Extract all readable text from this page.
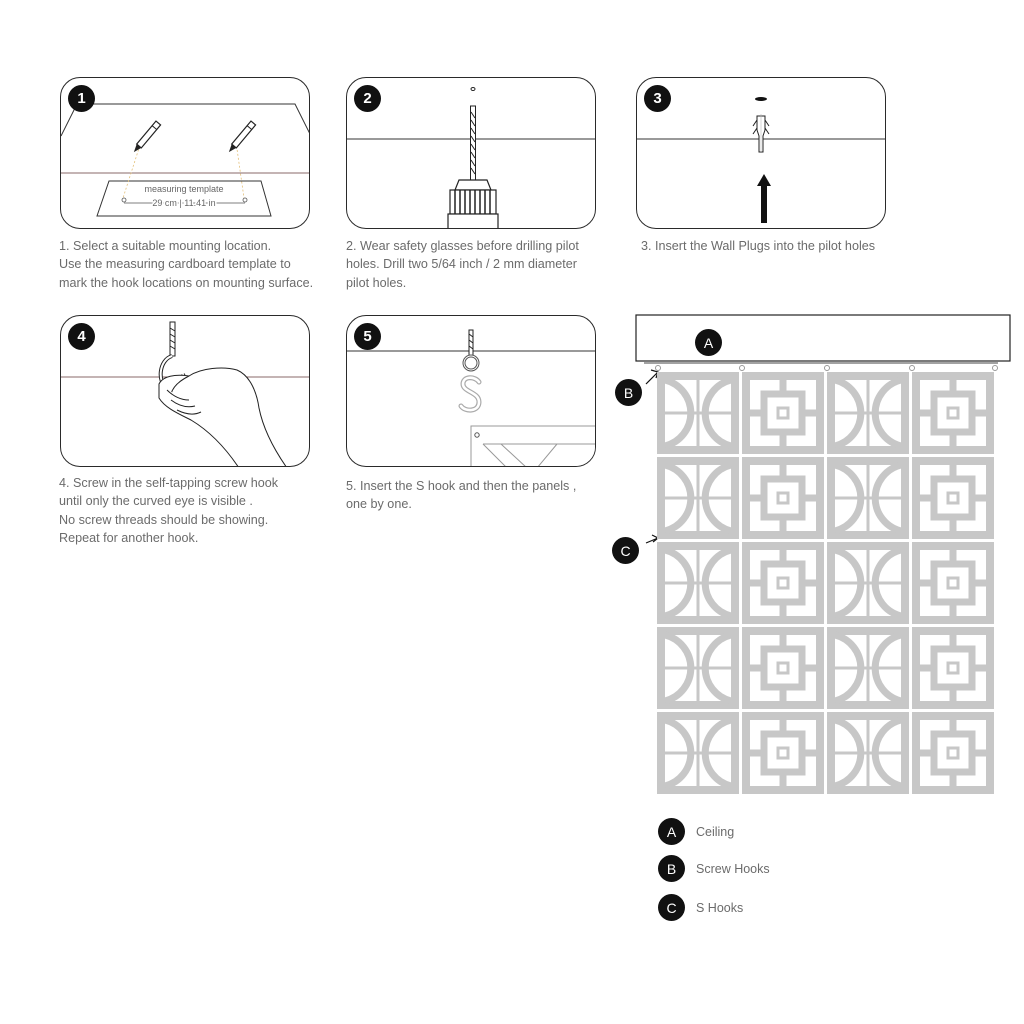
measuring template
29 cm | 11.41 in
1
1. Select a suitable mounting location.
Use the measuring cardboard template to
mark the hook locations on mounting surface.
2
2. Wear safety glasses before drilling pilot
holes. Drill two 5/64 inch / 2 mm diameter
pilot holes.
3
3. Insert the Wall Plugs into the pilot holes
4
4. Screw in the self-tapping screw hook
until only the curved eye is visible .
No screw threads should be showing.
Repeat for another hook.
5
5. Insert the S hook and then the panels ,
one by one.
A
B
C
A	Ceiling
B	Screw Hooks
C	S Hooks
